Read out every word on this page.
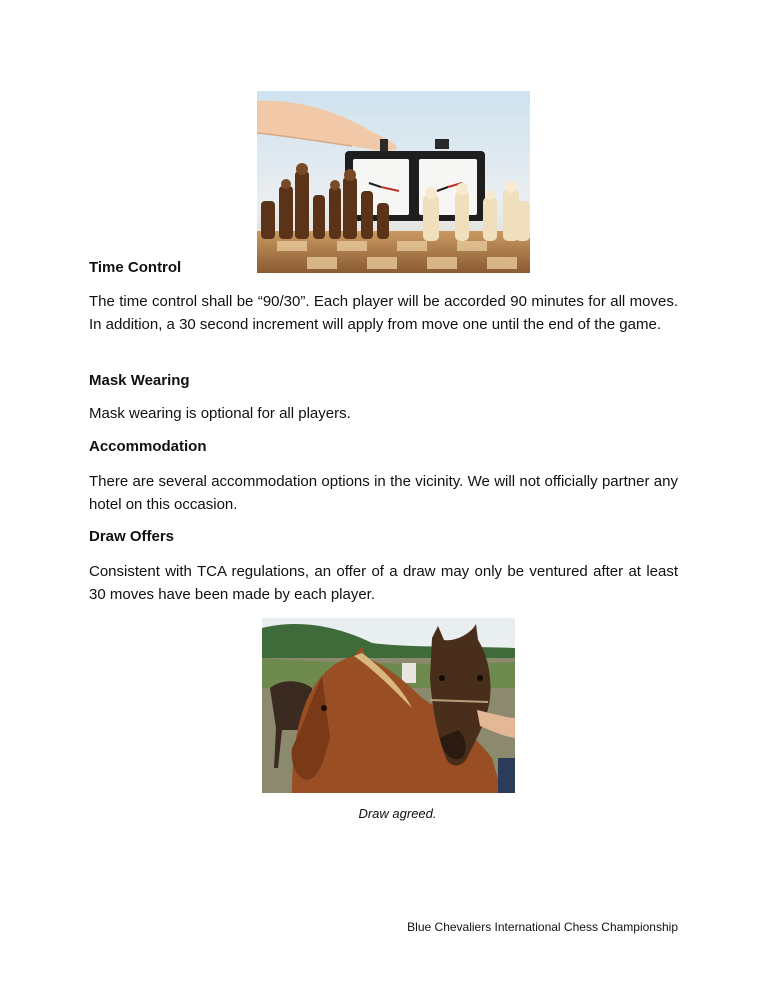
Time Control

The time control shall be “90/30”. Each player will be accorded 90 minutes for all moves. In addition, a 30 second increment will apply from move one until the end of the game.

Mask Wearing

Mask wearing is optional for all players.

Accommodation

There are several accommodation options in the vicinity. We will not officially partner any hotel on this occasion.

Draw Offers

Consistent with TCA regulations, an offer of a draw may only be ventured after at least 30 moves have been made by each player.

Draw agreed.

Blue Chevaliers International Chess Championship
